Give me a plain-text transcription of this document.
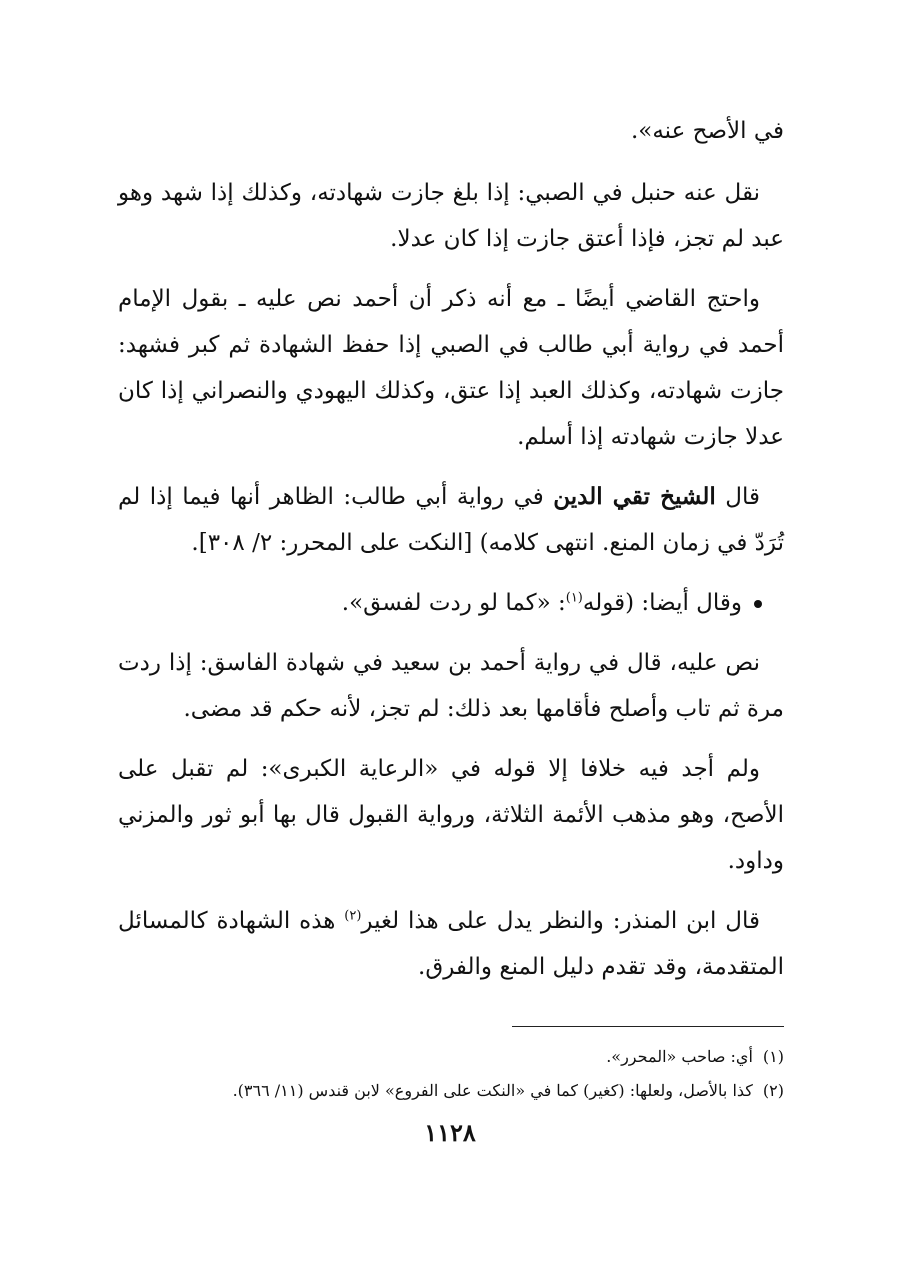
في الأصح عنه».

نقل عنه حنبل في الصبي: إذا بلغ جازت شهادته، وكذلك إذا شهد وهو عبد لم تجز، فإذا أعتق جازت إذا كان عدلا.

واحتج القاضي أيضًا ـ مع أنه ذكر أن أحمد نص عليه ـ بقول الإمام أحمد في رواية أبي طالب في الصبي إذا حفظ الشهادة ثم كبر فشهد: جازت شهادته، وكذلك العبد إذا عتق، وكذلك اليهودي والنصراني إذا كان عدلا جازت شهادته إذا أسلم.

قال الشيخ تقي الدين في رواية أبي طالب: الظاهر أنها فيما إذا لم تُرَدّ في زمان المنع. انتهى كلامه) [النكت على المحرر: ٢/ ٣٠٨].

وقال أيضا: (قوله$^{(١)}$: «كما لو ردت لفسق».

نص عليه، قال في رواية أحمد بن سعيد في شهادة الفاسق: إذا ردت مرة ثم تاب وأصلح فأقامها بعد ذلك: لم تجز، لأنه حكم قد مضى.

ولم أجد فيه خلافا إلا قوله في «الرعاية الكبرى»: لم تقبل على الأصح، وهو مذهب الأئمة الثلاثة، ورواية القبول قال بها أبو ثور والمزني وداود.

قال ابن المنذر: والنظر يدل على هذا لغير$^{(٢)}$ هذه الشهادة كالمسائل المتقدمة، وقد تقدم دليل المنع والفرق.

(١)أي: صاحب «المحرر».
(٢)كذا بالأصل، ولعلها: (كغير) كما في «النكت على الفروع» لابن قندس (١١/ ٣٦٦).
١١٢٨
